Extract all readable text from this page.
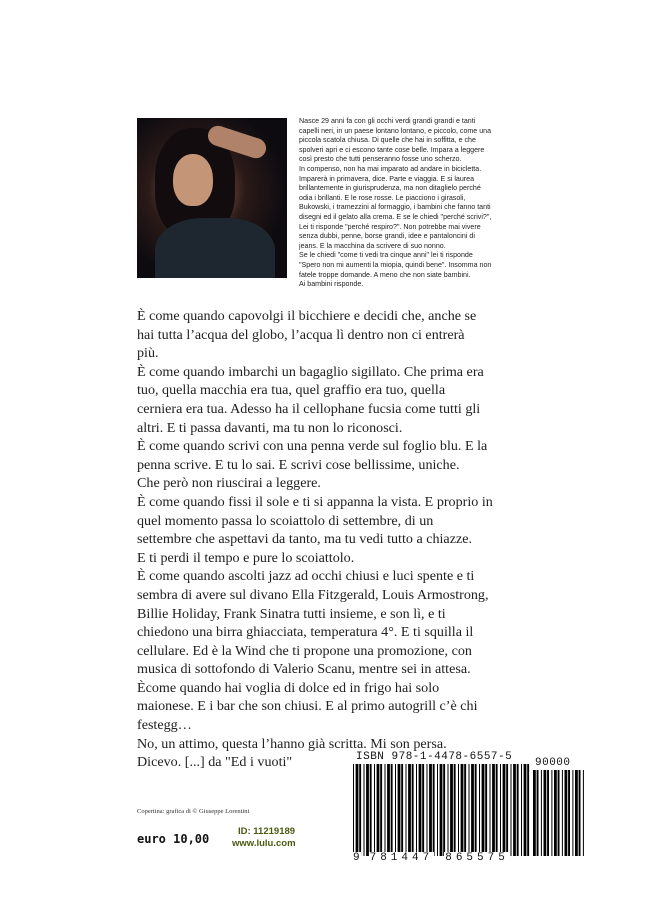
Nasce 29 anni fa con gli occhi verdi grandi grandi e tanti

capelli neri, in un paese lontano lontano, e piccolo, come una

piccola scatola chiusa. Di quelle che hai in soffitta, e che

spolveri apri e ci escono tante cose belle. Impara a leggere

così presto che tutti penseranno fosse uno scherzo.

In compenso, non ha mai imparato ad andare in bicicletta.

Imparerà in primavera, dice. Parte e viaggia. E si laurea

brillantemente in giurisprudenza, ma non ditaglielo perché

odia i brillanti. E le rose rosse. Le piacciono i girasoli,

Bukowski, i tramezzini al formaggio, i bambini che fanno tanti

disegni ed il gelato alla crema. E se le chiedi "perché scrivi?",

Lei ti risponde "perché respiro?". Non potrebbe mai vivere

senza dubbi, penne, borse grandi, idee e pantaloncini di

jeans. E la macchina da scrivere di suo nonno.

Se le chiedi "come ti vedi tra cinque anni" lei ti risponde

"Spero non mi aumenti la miopia, quindi bene". Insomma non

fatele troppe domande. A meno che non siate bambini.

Ai bambini risponde.

È come quando capovolgi il bicchiere e decidi che, anche se

hai tutta l’acqua del globo, l’acqua lì dentro non ci entrerà

più.

È come quando imbarchi un bagaglio sigillato. Che prima era

tuo, quella macchia era tua, quel graffio era tuo, quella

cerniera era tua. Adesso ha il cellophane fucsia come tutti gli

altri. E ti passa davanti, ma tu non lo riconosci.

È come quando scrivi con una penna verde sul foglio blu. E la

penna scrive. E tu lo sai. E scrivi cose bellissime, uniche.

Che però non riuscirai a leggere.

È come quando fissi il sole e ti si appanna la vista. E proprio in

quel momento passa lo scoiattolo di settembre, di un

settembre che aspettavi da tanto, ma tu vedi tutto a chiazze.

E ti perdi il tempo e pure lo scoiattolo.

È come quando ascolti jazz ad occhi chiusi e luci spente e ti

sembra di avere sul divano Ella Fitzgerald, Louis Armostrong,

Billie Holiday, Frank Sinatra tutti insieme, e son lì, e ti

chiedono una birra ghiacciata, temperatura 4°. E ti squilla il

cellulare. Ed è la Wind che ti propone una promozione, con

musica di sottofondo di Valerio Scanu, mentre sei in attesa.

Ècome quando hai voglia di dolce ed in frigo hai solo

maionese. E i bar che son chiusi. E al primo autogrill c’è chi

festegg…

No, un attimo, questa l’hanno già scritta. Mi son persa.

Dicevo. [...] da "Ed i vuoti"	ISBN 978-1-4478-6557-5
9 781447 865575
90000
Copertina: grafica di © Giuseppe Lorentini
euro 10,00
ID: 11219189
www.lulu.com
